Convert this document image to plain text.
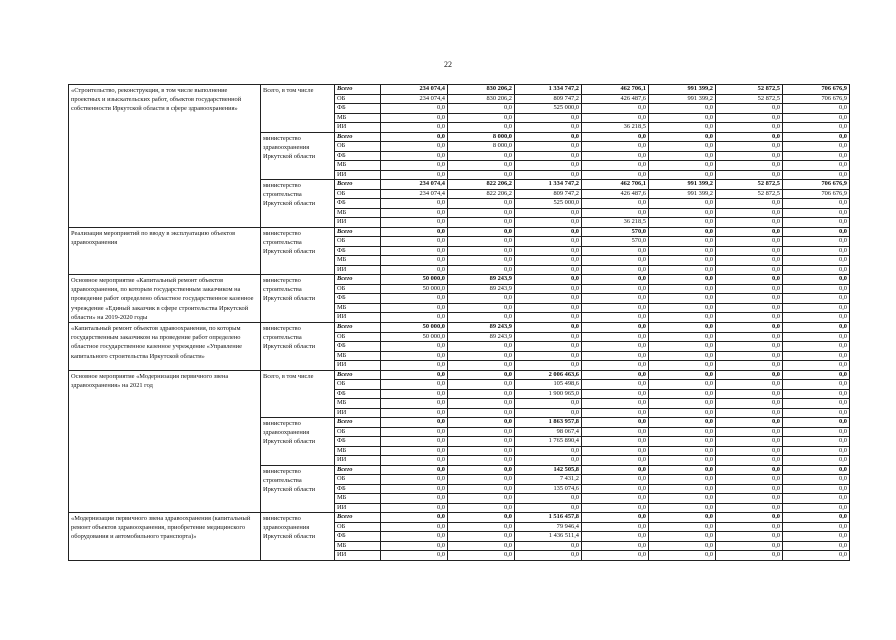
22
«Строительство, реконструкция, в том числе выполнение проектных и изыскательских работ, объектов государственной собственности Иркутской области в сфере здравоохранения»	Всего, в том числе	Всего	234 074,4	830 206,2	1 334 747,2	462 706,1	991 399,2	52 872,5	706 676,9
		ОБ	234 074,4	830 206,2	809 747,2	426 487,6	991 399,2	52 872,5	706 676,9
		ФБ	0,0	0,0	525 000,0	0,0	0,0	0,0	0,0
		МБ	0,0	0,0	0,0	0,0	0,0	0,0	0,0
		ИИ	0,0	0,0	0,0	36 218,5	0,0	0,0	0,0
	министерство здравоохранения Иркутской области	Всего	0,0	8 000,0	0,0	0,0	0,0	0,0	0,0
		ОБ	0,0	8 000,0	0,0	0,0	0,0	0,0	0,0
		ФБ	0,0	0,0	0,0	0,0	0,0	0,0	0,0
		МБ	0,0	0,0	0,0	0,0	0,0	0,0	0,0
		ИИ	0,0	0,0	0,0	0,0	0,0	0,0	0,0
	министерство строительства Иркутской области	Всего	234 074,4	822 206,2	1 334 747,2	462 706,1	991 399,2	52 872,5	706 676,9
		ОБ	234 074,4	822 206,2	809 747,2	426 487,6	991 399,2	52 872,5	706 676,9
		ФБ	0,0	0,0	525 000,0	0,0	0,0	0,0	0,0
		МБ	0,0	0,0	0,0	0,0	0,0	0,0	0,0
		ИИ	0,0	0,0	0,0	36 218,5	0,0	0,0	0,0
Реализация мероприятий по вводу в эксплуатацию объектов здравоохранения	министерство строительства Иркутской области	Всего	0,0	0,0	0,0	570,0	0,0	0,0	0,0
		ОБ	0,0	0,0	0,0	570,0	0,0	0,0	0,0
		ФБ	0,0	0,0	0,0	0,0	0,0	0,0	0,0
		МБ	0,0	0,0	0,0	0,0	0,0	0,0	0,0
		ИИ	0,0	0,0	0,0	0,0	0,0	0,0	0,0
Основное мероприятие «Капитальный ремонт объектов здравоохранения, по которым государственным заказчиком на проведение работ определено областное государственное казенное учреждение «Единый заказчик в сфере строительства Иркутской области» на 2019-2020 годы	министерство строительства Иркутской области	Всего	50 000,0	89 243,9	0,0	0,0	0,0	0,0	0,0
		ОБ	50 000,0	89 243,9	0,0	0,0	0,0	0,0	0,0
		ФБ	0,0	0,0	0,0	0,0	0,0	0,0	0,0
		МБ	0,0	0,0	0,0	0,0	0,0	0,0	0,0
		ИИ	0,0	0,0	0,0	0,0	0,0	0,0	0,0
«Капитальный ремонт объектов здравоохранения, по которым государственным заказчиком на проведение работ определено областное государственное казенное учреждение «Управление капитального строительства Иркутской области»	министерство строительства Иркутской области	Всего	50 000,0	89 243,9	0,0	0,0	0,0	0,0	0,0
		ОБ	50 000,0	89 243,9	0,0	0,0	0,0	0,0	0,0
		ФБ	0,0	0,0	0,0	0,0	0,0	0,0	0,0
		МБ	0,0	0,0	0,0	0,0	0,0	0,0	0,0
		ИИ	0,0	0,0	0,0	0,0	0,0	0,0	0,0
Основное мероприятие «Модернизация первичного звена здравоохранения» на 2021 год	Всего, в том числе	Всего	0,0	0,0	2 006 463,6	0,0	0,0	0,0	0,0
		ОБ	0,0	0,0	105 498,6	0,0	0,0	0,0	0,0
		ФБ	0,0	0,0	1 900 965,0	0,0	0,0	0,0	0,0
		МБ	0,0	0,0	0,0	0,0	0,0	0,0	0,0
		ИИ	0,0	0,0	0,0	0,0	0,0	0,0	0,0
	министерство здравоохранения Иркутской области	Всего	0,0	0,0	1 863 957,8	0,0	0,0	0,0	0,0
		ОБ	0,0	0,0	98 067,4	0,0	0,0	0,0	0,0
		ФБ	0,0	0,0	1 765 890,4	0,0	0,0	0,0	0,0
		МБ	0,0	0,0	0,0	0,0	0,0	0,0	0,0
		ИИ	0,0	0,0	0,0	0,0	0,0	0,0	0,0
	министерство строительства Иркутской области	Всего	0,0	0,0	142 505,8	0,0	0,0	0,0	0,0
		ОБ	0,0	0,0	7 431,2	0,0	0,0	0,0	0,0
		ФБ	0,0	0,0	135 074,6	0,0	0,0	0,0	0,0
		МБ	0,0	0,0	0,0	0,0	0,0	0,0	0,0
		ИИ	0,0	0,0	0,0	0,0	0,0	0,0	0,0
«Модернизация первичного звена здравоохранения (капитальный ремонт объектов здравоохранения, приобретение медицинского оборудования и автомобильного транспорта)»	министерство здравоохранения Иркутской области	Всего	0,0	0,0	1 516 457,8	0,0	0,0	0,0	0,0
		ОБ	0,0	0,0	79 946,4	0,0	0,0	0,0	0,0
		ФБ	0,0	0,0	1 436 511,4	0,0	0,0	0,0	0,0
		МБ	0,0	0,0	0,0	0,0	0,0	0,0	0,0
		ИИ	0,0	0,0	0,0	0,0	0,0	0,0	0,0
